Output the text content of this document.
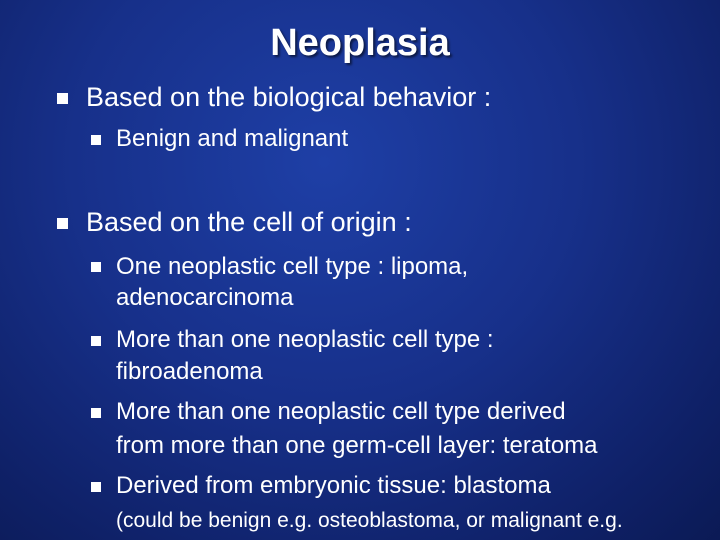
Neoplasia
Based on the biological behavior :
Benign and malignant
Based on the cell of origin :
One neoplastic cell type : lipoma,
adenocarcinoma
More than one neoplastic cell type :
fibroadenoma
More than one neoplastic cell type derived
from more than one germ-cell layer: teratoma
Derived from embryonic tissue: blastoma
(could be benign e.g. osteoblastoma, or malignant e.g.
